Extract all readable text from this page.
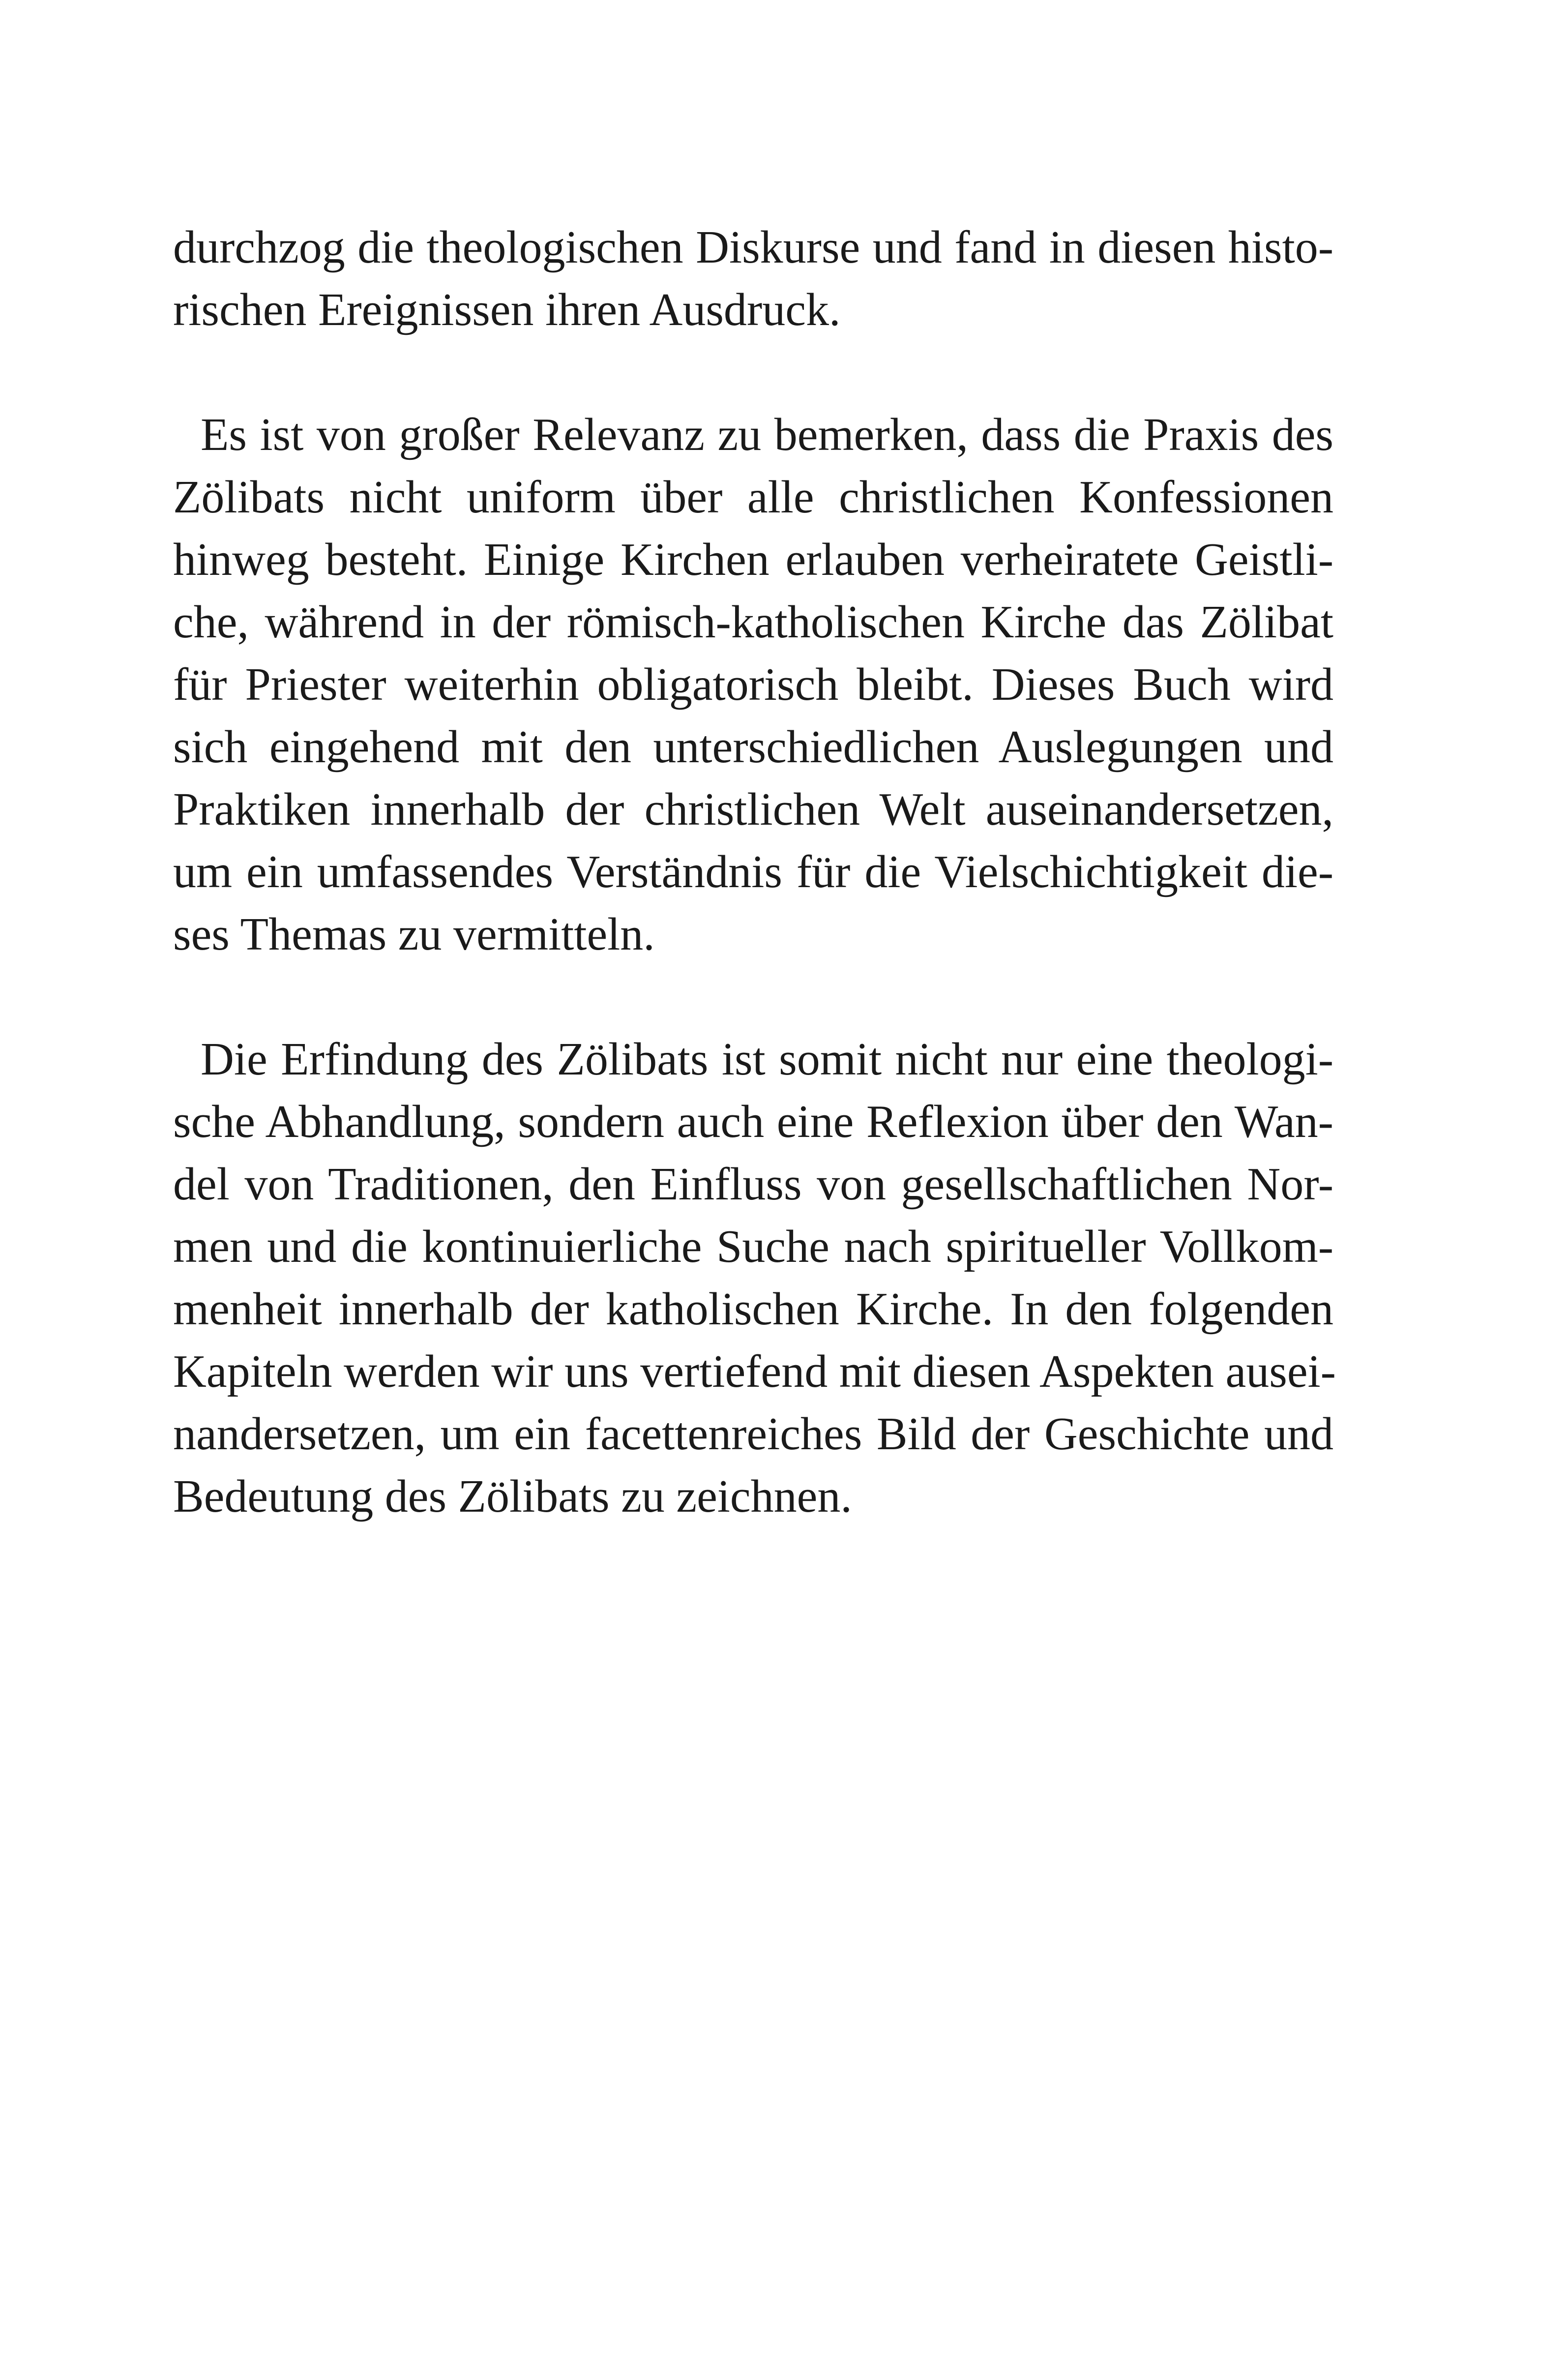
durchzog die theologischen Diskurse und fand in diesen histo-
rischen Ereignissen ihren Ausdruck.
Es ist von großer Relevanz zu bemerken, dass die Praxis des
Zölibats nicht uniform über alle christlichen Konfessionen
hinweg besteht. Einige Kirchen erlauben verheiratete Geistli-
che, während in der römisch-katholischen Kirche das Zölibat
für Priester weiterhin obligatorisch bleibt. Dieses Buch wird
sich eingehend mit den unterschiedlichen Auslegungen und
Praktiken innerhalb der christlichen Welt auseinandersetzen,
um ein umfassendes Verständnis für die Vielschichtigkeit die-
ses Themas zu vermitteln.
Die Erfindung des Zölibats ist somit nicht nur eine theologi-
sche Abhandlung, sondern auch eine Reflexion über den Wan-
del von Traditionen, den Einfluss von gesellschaftlichen Nor-
men und die kontinuierliche Suche nach spiritueller Vollkom-
menheit innerhalb der katholischen Kirche. In den folgenden
Kapiteln werden wir uns vertiefend mit diesen Aspekten ausei-
nandersetzen, um ein facettenreiches Bild der Geschichte und
Bedeutung des Zölibats zu zeichnen.
